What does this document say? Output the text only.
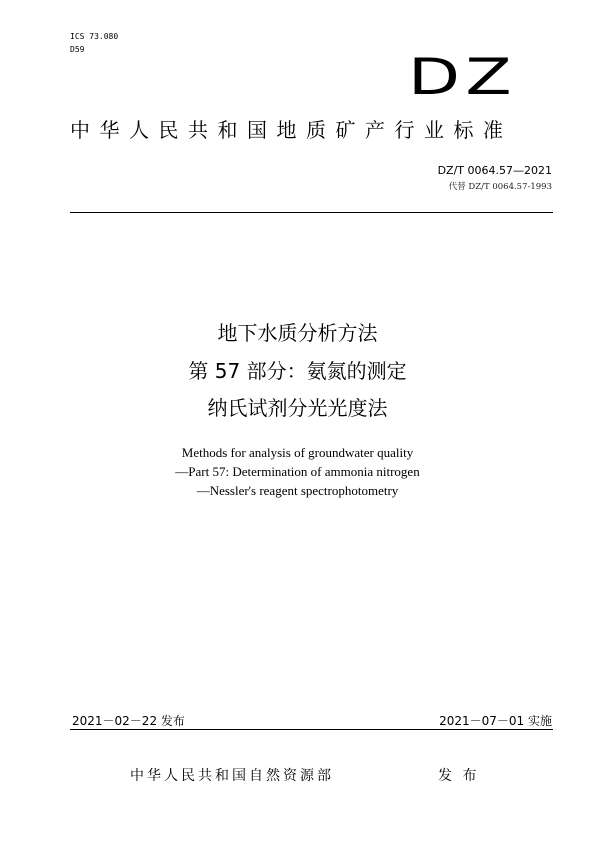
ICS 73.080
D59	DZ
中华人民共和国地质矿产行业标准
DZ/T 0064.57—2021
代替 DZ/T 0064.57-1993
地下水质分析方法
第 57 部分：氨氮的测定
纳氏试剂分光光度法
Methods for analysis of groundwater quality
—Part 57: Determination of ammonia nitrogen
—Nessler's reagent spectrophotometry
2021－02－22 发布	2021－07－01 实施
中华人民共和国自然资源部	发 布
